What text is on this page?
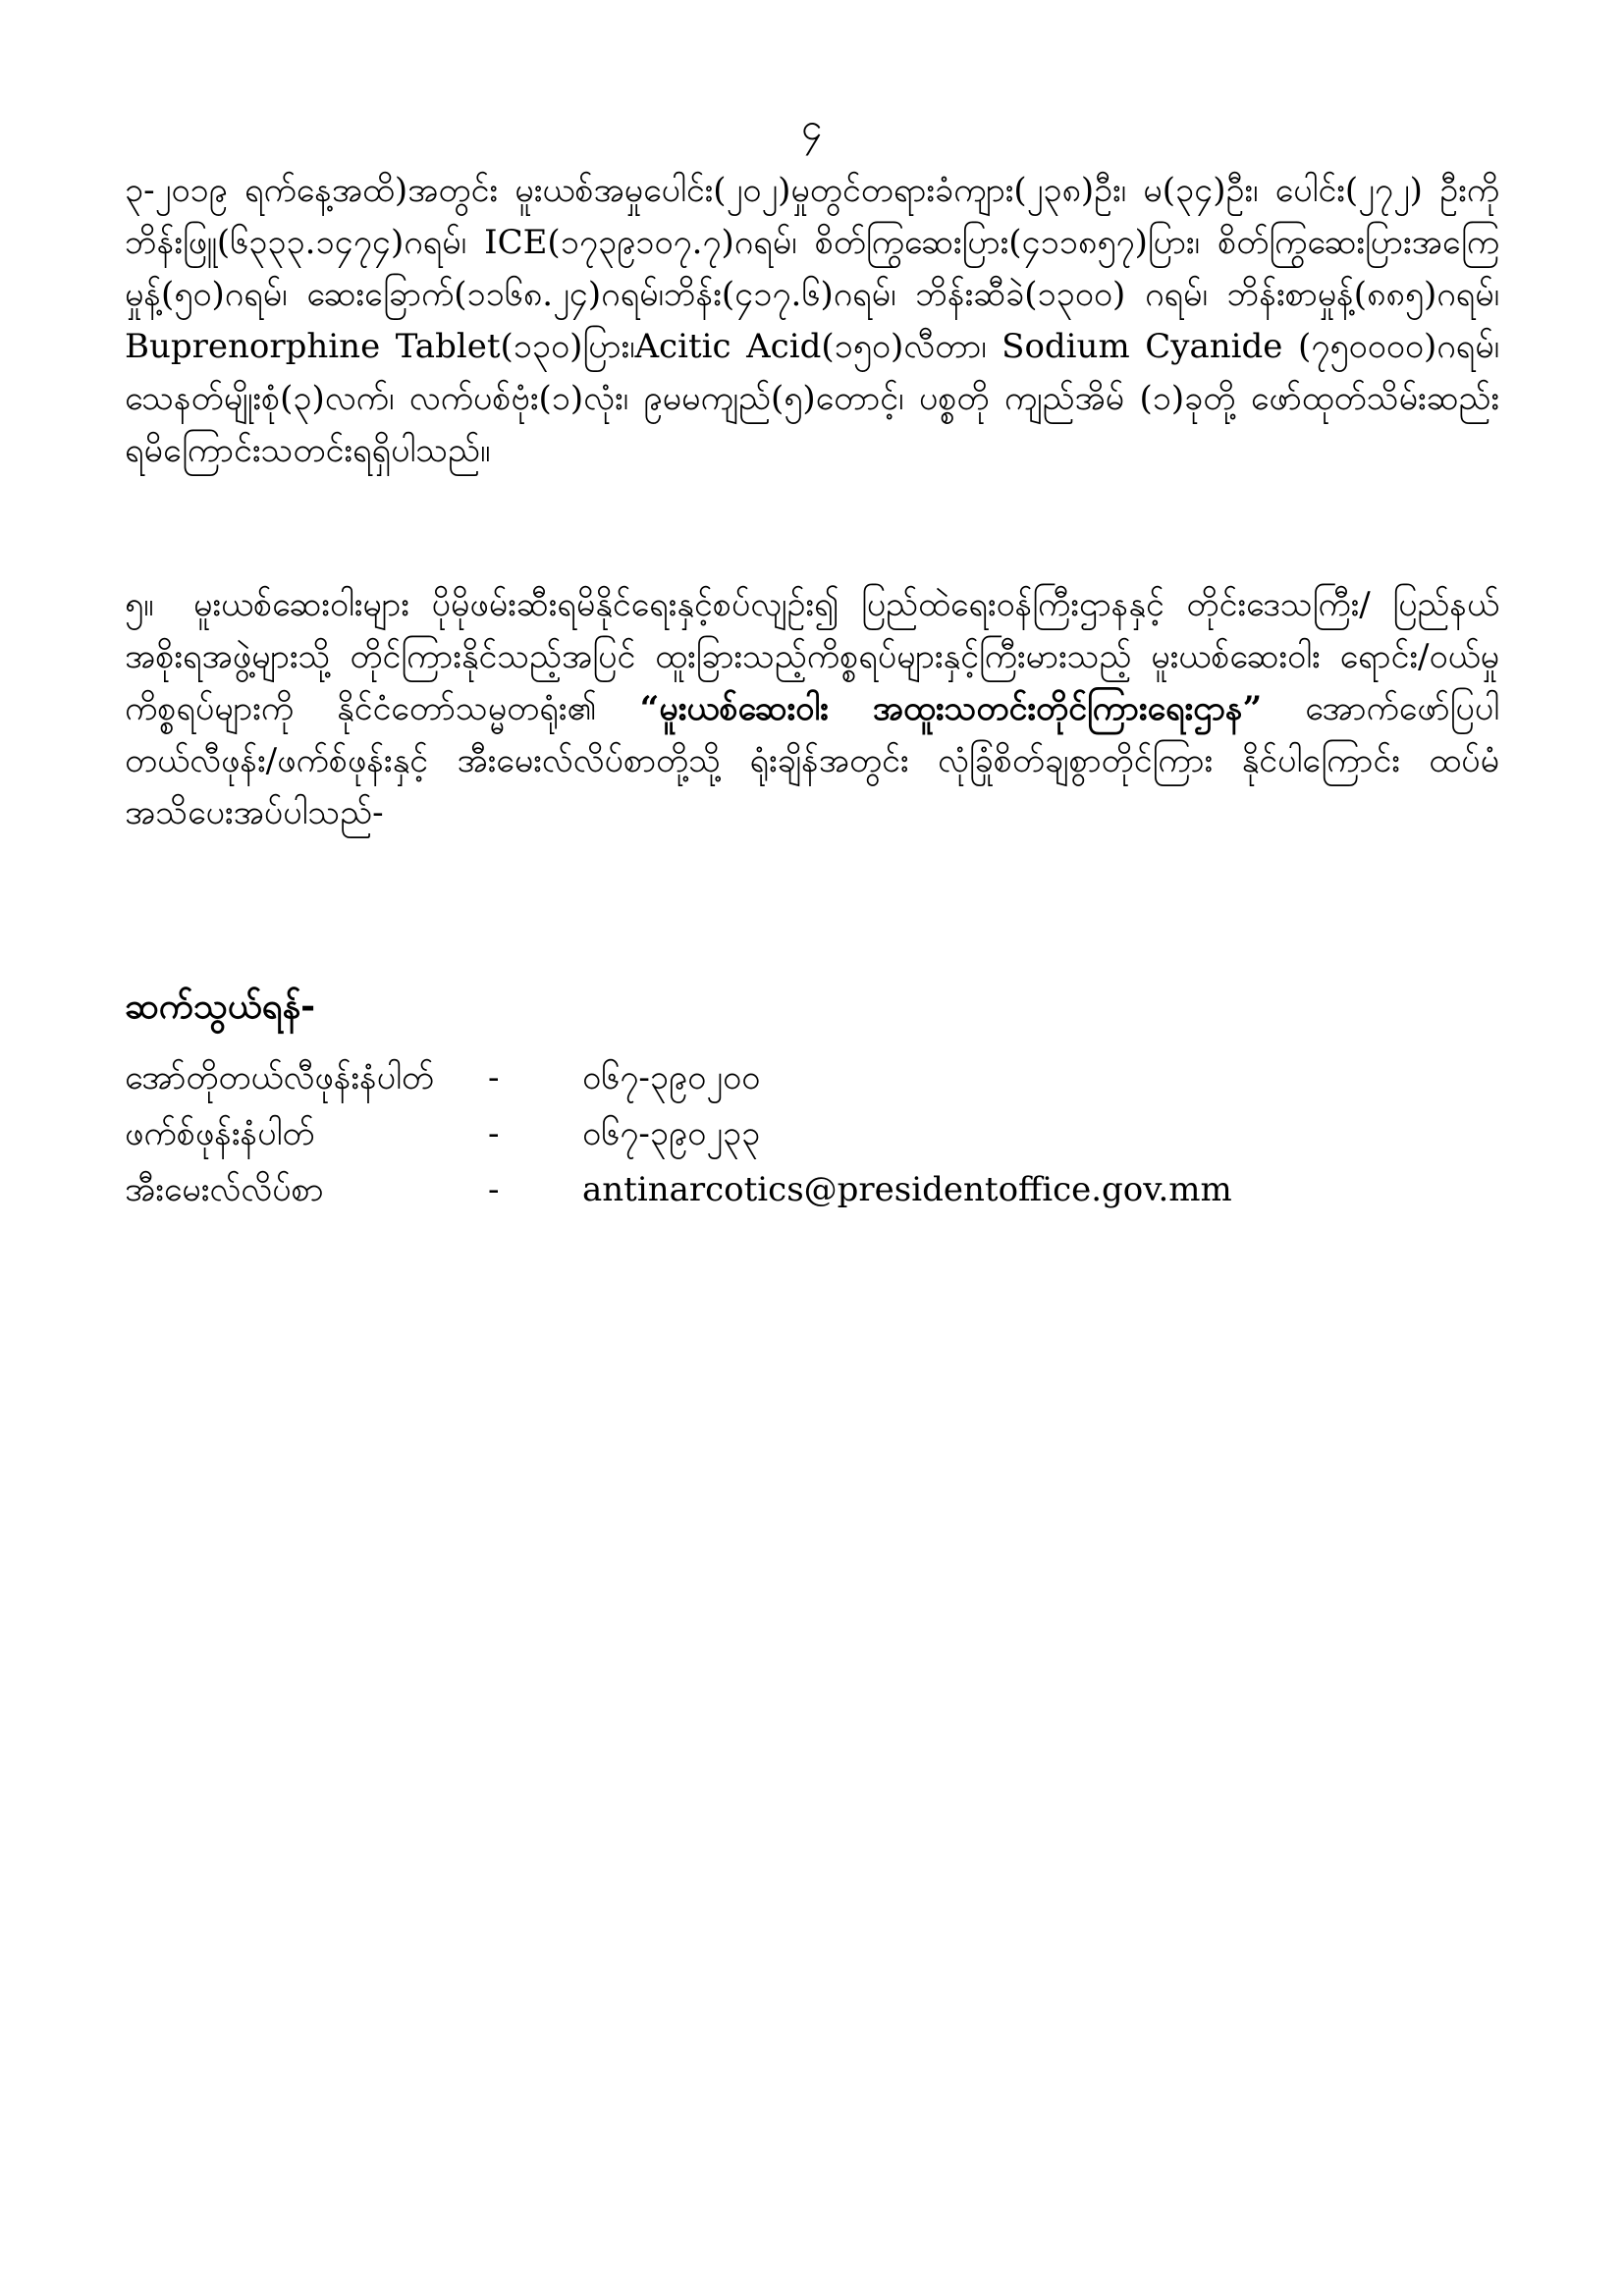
၄
၃-၂၀၁၉ ရက်နေ့အထိ)အတွင်း မူးယစ်အမှုပေါင်း(၂၀၂)မှုတွင်တရားခံကျား(၂၃၈)ဦး၊ မ(၃၄)ဦး၊ ပေါင်း(၂၇၂) ဦးကို ဘိန်းဖြူ(၆၃၃၃.၁၄၇၄)ဂရမ်၊ ICE(၁၇၃၉၁၀၇.၇)ဂရမ်၊ စိတ်ကြွဆေးပြား(၄၁၁၈၅၇)ပြား၊ စိတ်ကြွဆေးပြားအကြေမှုန့်(၅၀)ဂရမ်၊ ဆေးခြောက်(၁၁၆၈.၂၄)ဂရမ်၊ဘိန်း(၄၁၇.၆)ဂရမ်၊ ဘိန်းဆီခဲ(၁၃၀၀) ဂရမ်၊ ဘိန်းစာမှုန့်(၈၈၅)ဂရမ်၊ Buprenorphine Tablet(၁၃၀)ပြား၊Acitic Acid(၁၅၀)လီတာ၊ Sodium Cyanide (၇၅၀၀၀၀)ဂရမ်၊ သေနတ်မျိုးစုံ(၃)လက်၊ လက်ပစ်ဗုံး(၁)လုံး၊ ၉မမကျည်(၅)တောင့်၊ ပစ္စတို ကျည်အိမ် (၁)ခုတို့ ဖော်ထုတ်သိမ်းဆည်းရမိကြောင်းသတင်းရရှိပါသည်။
၅။ မူးယစ်ဆေးဝါးများ ပိုမိုဖမ်းဆီးရမိနိုင်ရေးနှင့်စပ်လျဉ်း၍ ပြည်ထဲရေးဝန်ကြီးဌာနနှင့် တိုင်းဒေသကြီး/ ပြည်နယ်အစိုးရအဖွဲ့များသို့ တိုင်ကြားနိုင်သည့်အပြင် ထူးခြားသည့်ကိစ္စရပ်များနှင့်ကြီးမားသည့် မူးယစ်ဆေးဝါး ရောင်း/ဝယ်မှုကိစ္စရပ်များကို နိုင်ငံတော်သမ္မတရုံး၏ “မူးယစ်ဆေးဝါး အထူးသတင်းတိုင်ကြားရေးဌာန” အောက်ဖော်ပြပါ တယ်လီဖုန်း/ဖက်စ်ဖုန်းနှင့် အီးမေးလ်လိပ်စာတို့သို့ ရုံးချိန်အတွင်း လုံခြုံစိတ်ချစွာတိုင်ကြား နိုင်ပါကြောင်း ထပ်မံအသိပေးအပ်ပါသည်-
ဆက်သွယ်ရန်-
အော်တိုတယ်လီဖုန်းနံပါတ်	-	၀၆၇-၃၉၀၂၀၀
ဖက်စ်ဖုန်းနံပါတ်	-	၀၆၇-၃၉၀၂၃၃
အီးမေးလ်လိပ်စာ	-	antinarcotics@presidentoffice.gov.mm
